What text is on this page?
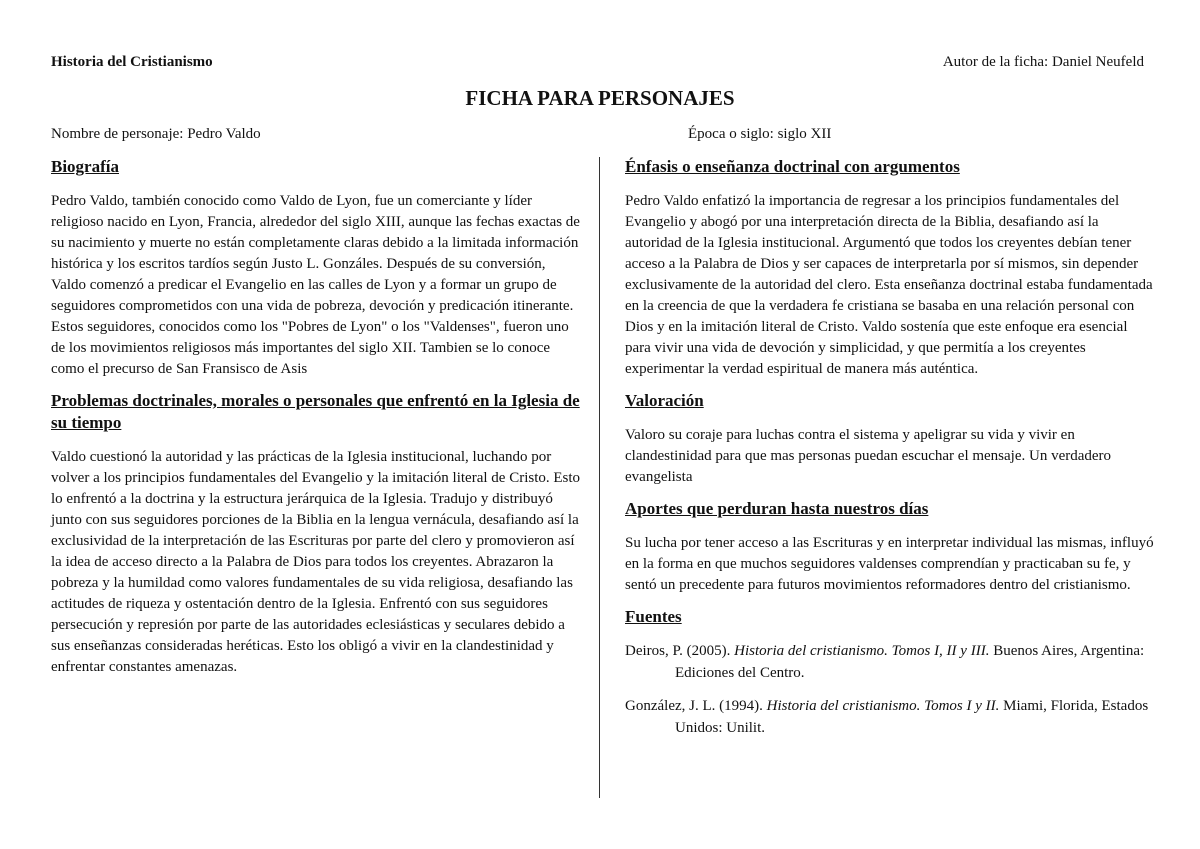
Historia del Cristianismo	Autor de la ficha: Daniel Neufeld
FICHA PARA PERSONAJES
Nombre de personaje: Pedro Valdo	Época o siglo: siglo XII
Biografía

Pedro Valdo, también conocido como Valdo de Lyon, fue un comerciante y líder religioso nacido en Lyon, Francia, alrededor del siglo XIII, aunque las fechas exactas de su nacimiento y muerte no están completamente claras debido a la limitada información histórica y los escritos tardíos según Justo L. Gonzáles. Después de su conversión, Valdo comenzó a predicar el Evangelio en las calles de Lyon y a formar un grupo de seguidores comprometidos con una vida de pobreza, devoción y predicación itinerante. Estos seguidores, conocidos como los "Pobres de Lyon" o los "Valdenses", fueron uno de los movimientos religiosos más importantes del siglo XII. Tambien se lo conoce como el precurso de San Fransisco de Asis

Problemas doctrinales, morales o personales que enfrentó en la Iglesia de su tiempo

Valdo cuestionó la autoridad y las prácticas de la Iglesia institucional, luchando por volver a los principios fundamentales del Evangelio y la imitación literal de Cristo. Esto lo enfrentó a la doctrina y la estructura jerárquica de la Iglesia. Tradujo y distribuyó junto con sus seguidores porciones de la Biblia en la lengua vernácula, desafiando así la exclusividad de la interpretación de las Escrituras por parte del clero y promovieron así la idea de acceso directo a la Palabra de Dios para todos los creyentes. Abrazaron la pobreza y la humildad como valores fundamentales de su vida religiosa, desafiando las actitudes de riqueza y ostentación dentro de la Iglesia. Enfrentó con sus seguidores persecución y represión por parte de las autoridades eclesiásticas y seculares debido a sus enseñanzas consideradas heréticas. Esto los obligó a vivir en la clandestinidad y enfrentar constantes amenazas.

Énfasis o enseñanza doctrinal con argumentos

Pedro Valdo enfatizó la importancia de regresar a los principios fundamentales del Evangelio y abogó por una interpretación directa de la Biblia, desafiando así la autoridad de la Iglesia institucional. Argumentó que todos los creyentes debían tener acceso a la Palabra de Dios y ser capaces de interpretarla por sí mismos, sin depender exclusivamente de la autoridad del clero. Esta enseñanza doctrinal estaba fundamentada en la creencia de que la verdadera fe cristiana se basaba en una relación personal con Dios y en la imitación literal de Cristo. Valdo sostenía que este enfoque era esencial para vivir una vida de devoción y simplicidad, y que permitía a los creyentes experimentar la verdad espiritual de manera más auténtica.

Valoración

Valoro su coraje para luchas contra el sistema y apeligrar su vida y vivir en clandestinidad para que mas personas puedan escuchar el mensaje. Un verdadero evangelista

Aportes que perduran hasta nuestros días

Su lucha por tener acceso a las Escrituras y en interpretar individual las mismas, influyó en la forma en que muchos seguidores valdenses comprendían y practicaban su fe, y sentó un precedente para futuros movimientos reformadores dentro del cristianismo.

Fuentes
Deiros, P. (2005). Historia del cristianismo. Tomos I, II y III. Buenos Aires, Argentina: Ediciones del Centro.
González, J. L. (1994). Historia del cristianismo. Tomos I y II. Miami, Florida, Estados Unidos: Unilit.
